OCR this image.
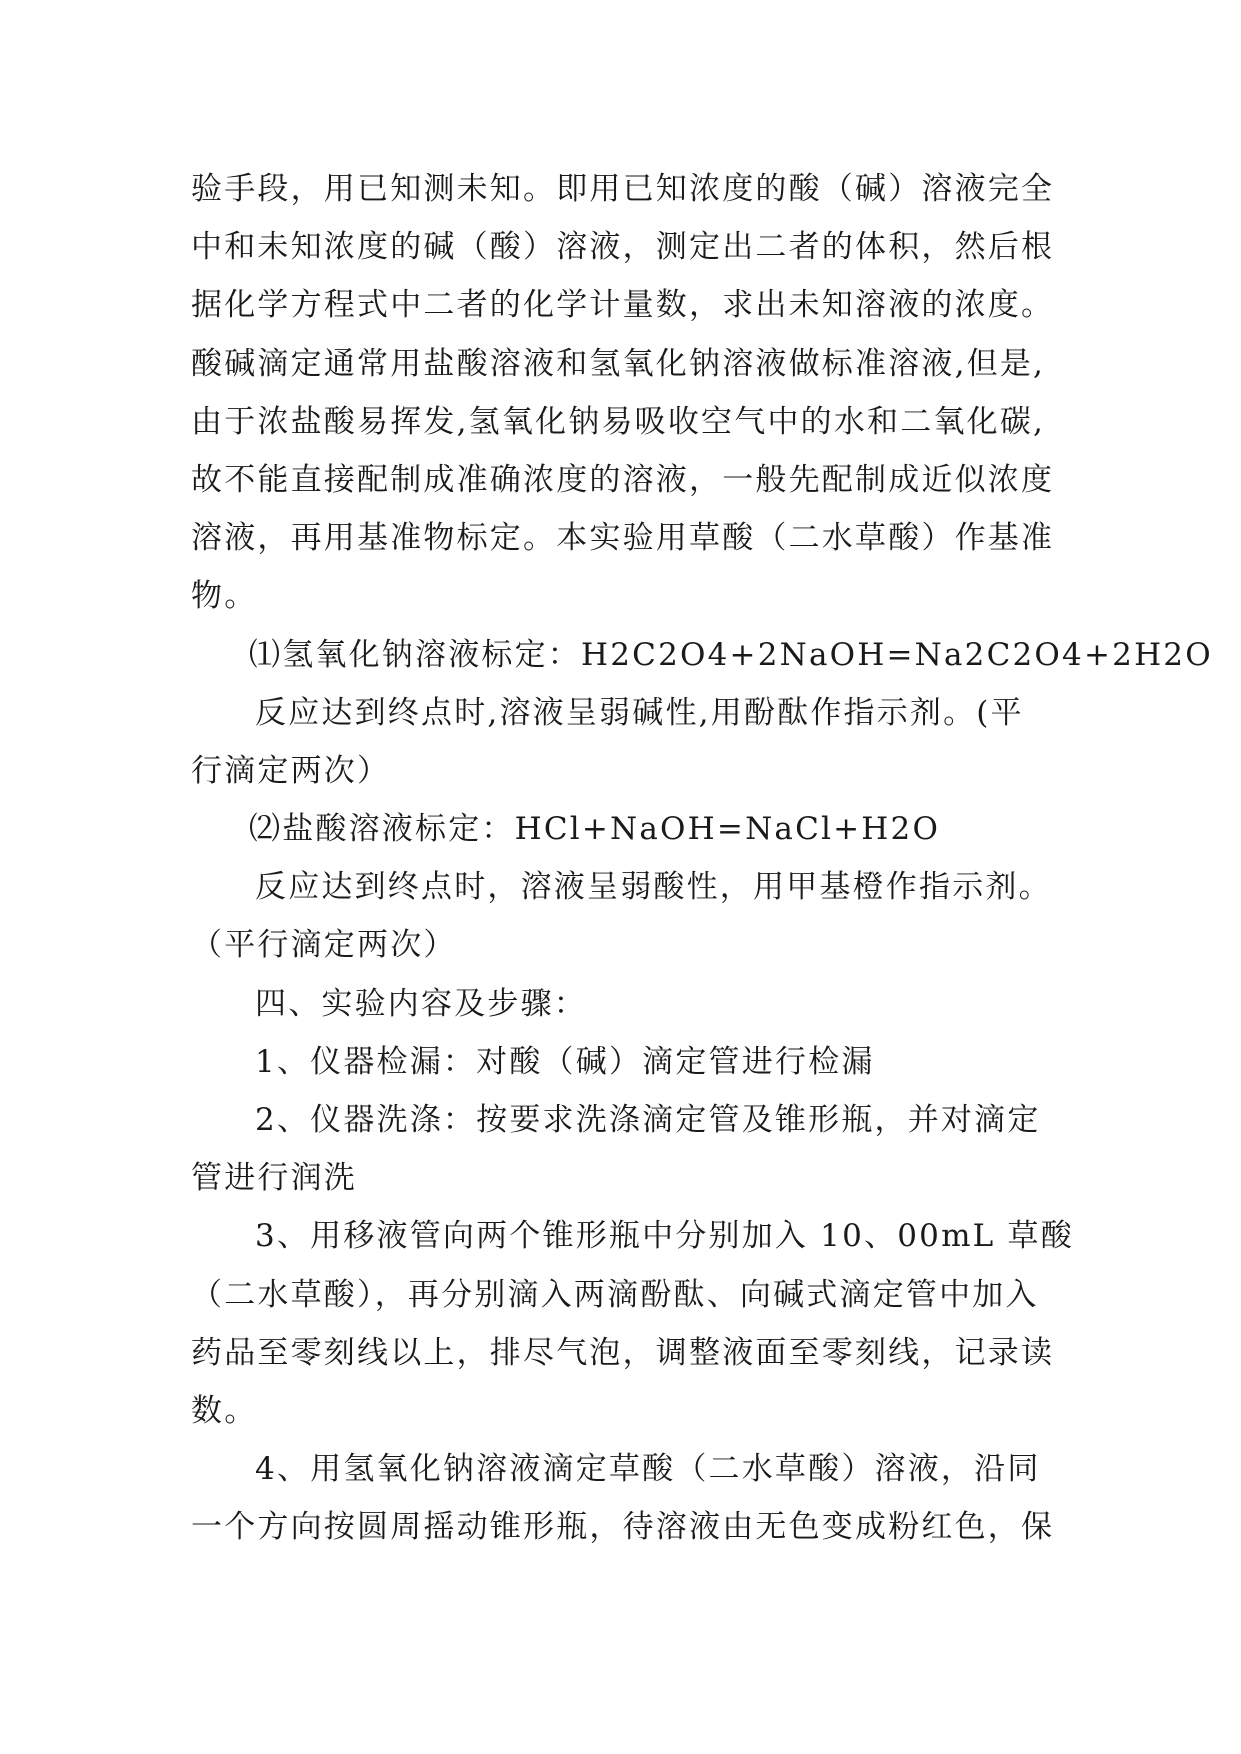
验手段，用已知测未知。即用已知浓度的酸（碱）溶液完全
中和未知浓度的碱（酸）溶液，测定出二者的体积，然后根
据化学方程式中二者的化学计量数，求出未知溶液的浓度。
酸碱滴定通常用盐酸溶液和氢氧化钠溶液做标准溶液,但是,
由于浓盐酸易挥发,氢氧化钠易吸收空气中的水和二氧化碳,
故不能直接配制成准确浓度的溶液，一般先配制成近似浓度
溶液，再用基准物标定。本实验用草酸（二水草酸）作基准
物。
⑴氢氧化钠溶液标定：H2C2O4+2NaOH=Na2C2O4+2H2O
反应达到终点时,溶液呈弱碱性,用酚酞作指示剂。(平
行滴定两次）
⑵盐酸溶液标定：HCl+NaOH=NaCl+H2O
反应达到终点时，溶液呈弱酸性，用甲基橙作指示剂。
（平行滴定两次）
四、实验内容及步骤：
1、仪器检漏：对酸（碱）滴定管进行检漏
2、仪器洗涤：按要求洗涤滴定管及锥形瓶，并对滴定
管进行润洗
3、用移液管向两个锥形瓶中分别加入 10、00mL 草酸
（二水草酸），再分别滴入两滴酚酞、向碱式滴定管中加入
药品至零刻线以上，排尽气泡，调整液面至零刻线，记录读
数。
4、用氢氧化钠溶液滴定草酸（二水草酸）溶液，沿同
一个方向按圆周摇动锥形瓶，待溶液由无色变成粉红色，保
